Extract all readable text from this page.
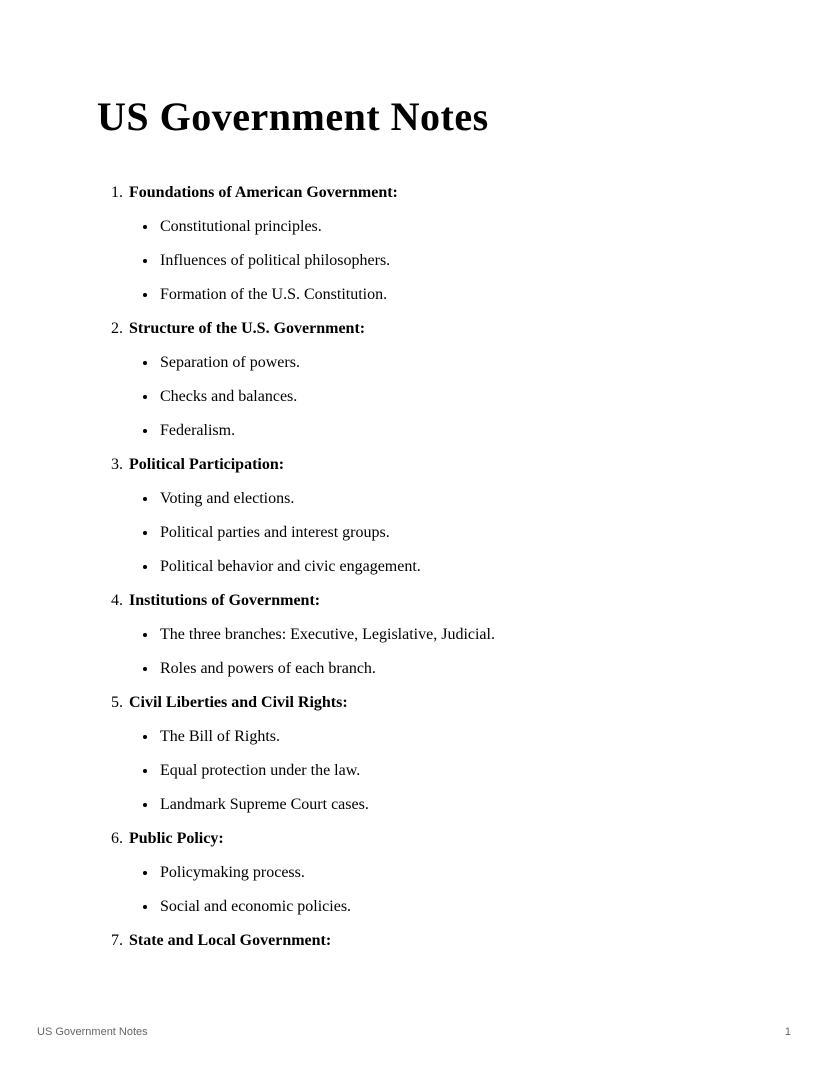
US Government Notes
1. Foundations of American Government:
• Constitutional principles.
• Influences of political philosophers.
• Formation of the U.S. Constitution.
2. Structure of the U.S. Government:
• Separation of powers.
• Checks and balances.
• Federalism.
3. Political Participation:
• Voting and elections.
• Political parties and interest groups.
• Political behavior and civic engagement.
4. Institutions of Government:
• The three branches: Executive, Legislative, Judicial.
• Roles and powers of each branch.
5. Civil Liberties and Civil Rights:
• The Bill of Rights.
• Equal protection under the law.
• Landmark Supreme Court cases.
6. Public Policy:
• Policymaking process.
• Social and economic policies.
7. State and Local Government:
US Government Notes	1
